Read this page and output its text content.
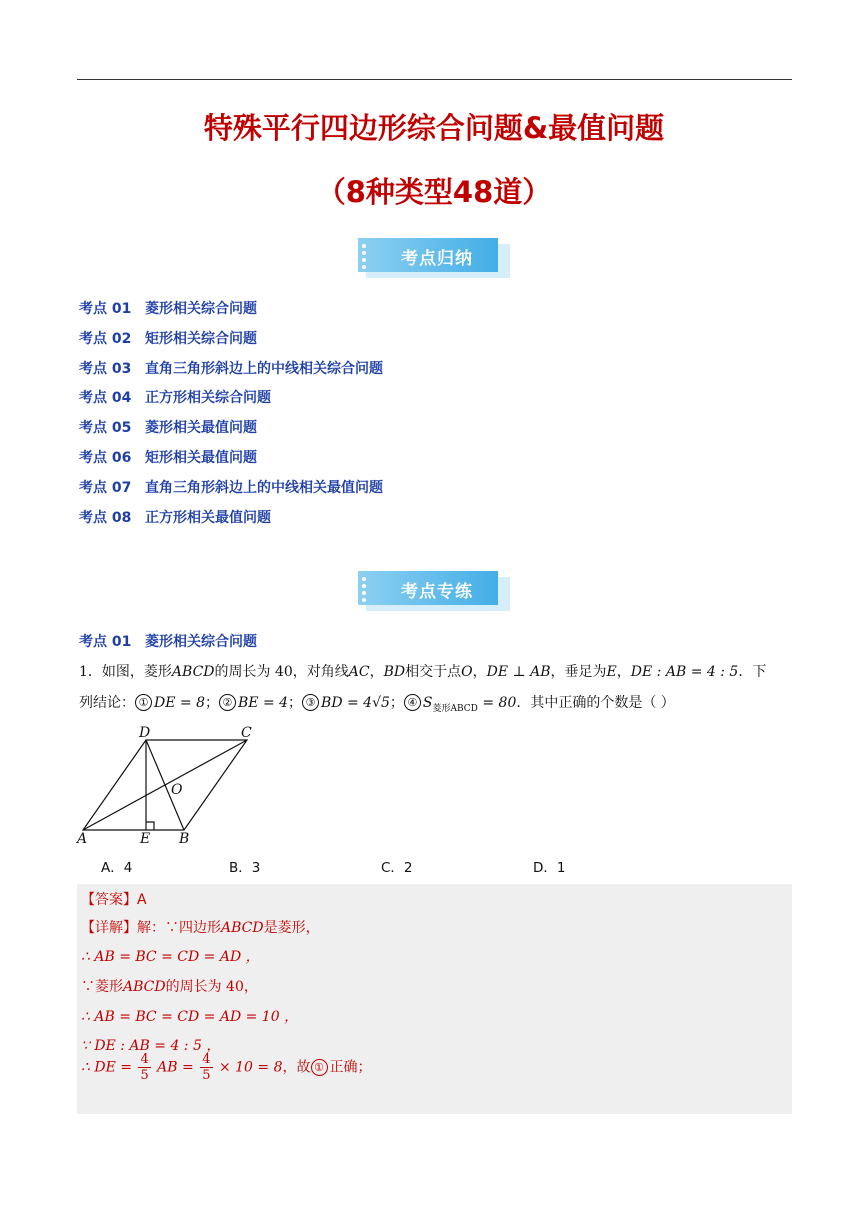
特殊平行四边形综合问题&最值问题
（8种类型48道）
考点归纳
考点 01 菱形相关综合问题
考点 02 矩形相关综合问题
考点 03 直角三角形斜边上的中线相关综合问题
考点 04 正方形相关综合问题
考点 05 菱形相关最值问题
考点 06 矩形相关最值问题
考点 07 直角三角形斜边上的中线相关最值问题
考点 08 正方形相关最值问题
考点专练
考点 01 菱形相关综合问题
1．如图，菱形ABCD的周长为 40，对角线AC，BD相交于点O，DE ⊥ AB，垂足为E，DE : AB = 4 : 5．下
列结论： ① DE = 8； ② BE = 4； ③ BD = 4√5； ④ $S_{菱形ABCD} = 80$．其中正确的个数是（ ）
D	C
O
A	E B
A．4	B．3	C．2	D．1
【答案】A
【详解】解：∵四边形ABCD是菱形，
∴ AB = BC = CD = AD ，
∵菱形ABCD的周长为 40，
∴ AB = BC = CD = AD = 10 ，
∵ DE : AB = 4 : 5 ，
∴ DE = $\frac{4}{5}$ AB = $\frac{4}{5} \times 10 = 8$，故 ① 正确；
